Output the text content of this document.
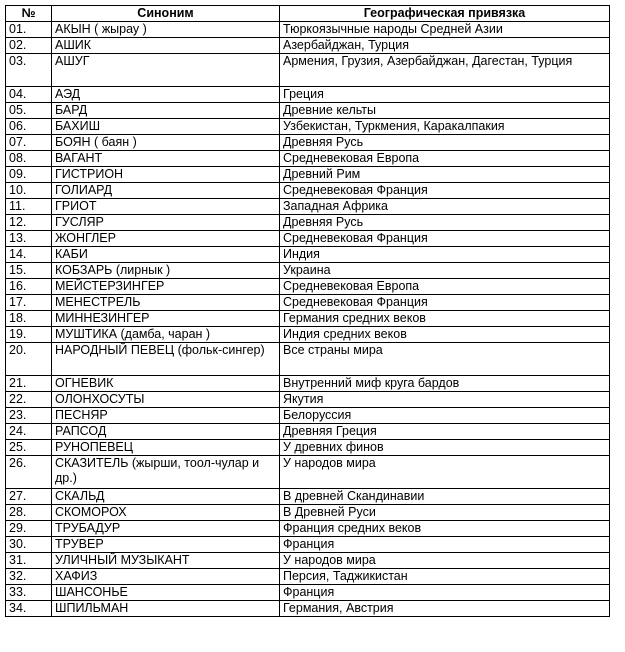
№	Синоним	Географическая привязка
01.	АКЫН ( жырау )	Тюркоязычные народы Средней Азии
02.	АШИК	Азербайджан, Турция
03.	АШУГ	Армения, Грузия, Азербайджан, Дагестан, Турция
04.	АЭД	Греция
05.	БАРД	Древние кельты
06.	БАХИШ	Узбекистан, Туркмения, Каракалпакия
07.	БОЯН ( баян )	Древняя Русь
08.	ВАГАНТ	Средневековая Европа
09.	ГИСТРИОН	Древний Рим
10.	ГОЛИАРД	Средневековая Франция
11.	ГРИОТ	Западная Африка
12.	ГУСЛЯР	Древняя Русь
13.	ЖОНГЛЕР	Средневековая Франция
14.	КАБИ	Индия
15.	КОБЗАРЬ (лирнык )	Украина
16.	МЕЙСТЕРЗИНГЕР	Средневековая Европа
17.	МЕНЕСТРЕЛЬ	Средневековая Франция
18.	МИННЕЗИНГЕР	Германия средних веков
19.	МУШТИКА (дамба, чаран )	Индия средних веков
20.	НАРОДНЫЙ ПЕВЕЦ (фольк-сингер)	Все страны мира
21.	ОГНЕВИК	Внутренний миф круга бардов
22.	ОЛОНХОСУТЫ	Якутия
23.	ПЕСНЯР	Белоруссия
24.	РАПСОД	Древняя Греция
25.	РУНОПЕВЕЦ	У древних финов
26.	СКАЗИТЕЛЬ (жырши, тоол-чулар и др.)	У народов мира
27.	СКАЛЬД	В древней Скандинавии
28.	СКОМОРОХ	В Древней Руси
29.	ТРУБАДУР	Франция средних веков
30.	ТРУВЕР	Франция
31.	УЛИЧНЫЙ МУЗЫКАНТ	У народов мира
32.	ХАФИЗ	Персия, Таджикистан
33.	ШАНСОНЬЕ	Франция
34.	ШПИЛЬМАН	Германия, Австрия
